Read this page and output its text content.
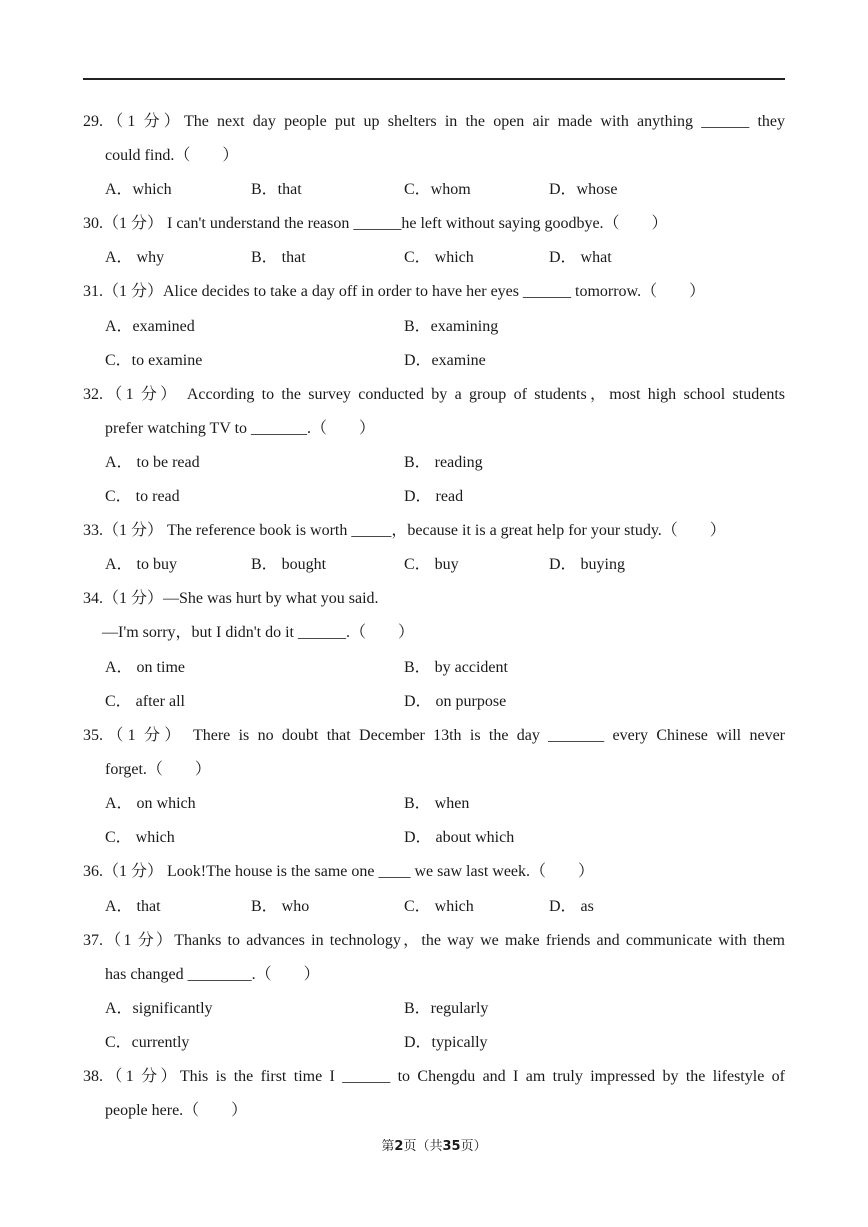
29.（1 分）The next day people put up shelters in the open air made with anything ______ they
could find.（　　）
A．which	B．that	C．whom	D．whose
30.（1 分） I can't understand the reason ______he left without saying goodbye.（　　）
A． why	B． that	C． which	D． what
31.（1 分）Alice decides to take a day off in order to have her eyes ______ tomorrow.（　　）
A．examined	B．examining
C．to examine	D．examine
32.（1 分） According to the survey conducted by a group of students，most high school students
prefer watching TV to _______.（　　）
A． to be read	B． reading
C． to read	D． read
33.（1 分） The reference book is worth _____，because it is a great help for your study.（　　）
A． to buy	B． bought	C． buy	D． buying
34.（1 分）—She was hurt by what you said.
—I'm sorry，but I didn't do it ______.（　　）
A． on time	B． by accident
C． after all	D． on purpose
35.（1 分） There is no doubt that December 13th is the day _______ every Chinese will never
forget.（　　）
A． on which	B． when
C． which	D． about which
36.（1 分） Look!The house is the same one ____ we saw last week.（　　）
A． that	B． who	C． which	D． as
37.（1 分）Thanks to advances in technology，the way we make friends and communicate with them
has changed ________.（　　）
A．significantly	B．regularly
C．currently	D．typically
38.（1 分）This is the first time I ______ to Chengdu and I am truly impressed by the lifestyle of
people here.（　　）
第2页（共35页）
